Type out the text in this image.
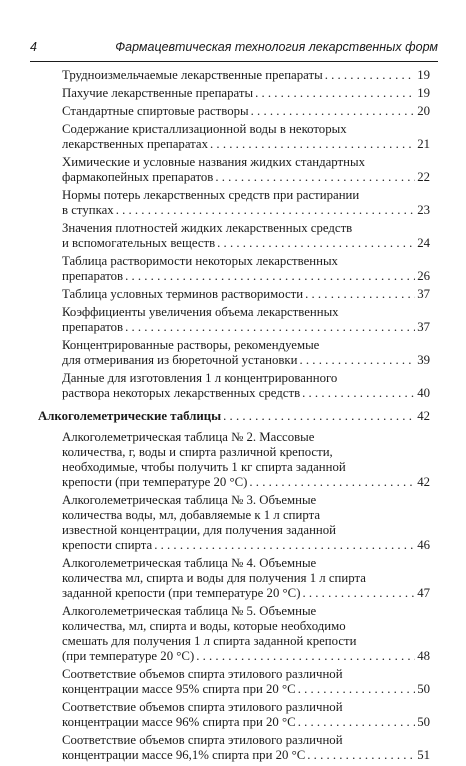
4	Фармацевтическая технология лекарственных форм
Трудноизмельчаемые лекарственные препараты . . .	19
Пахучие лекарственные препараты . . .	19
Стандартные спиртовые растворы . . .	20
Содержание кристаллизационной воды в некоторых
лекарственных препаратах . . .	21
Химические и условные названия жидких стандартных
фармакопейных препаратов . . .	22
Нормы потерь лекарственных средств при растирании
в ступках . . .	23
Значения плотностей жидких лекарственных средств
и вспомогательных веществ . . .	24
Таблица растворимости некоторых лекарственных
препаратов . . .	26
Таблица условных терминов растворимости . . .	37
Коэффициенты увеличения объема лекарственных
препаратов . . .	37
Концентрированные растворы, рекомендуемые
для отмеривания из бюреточной установки . . .	39
Данные для изготовления 1 л концентрированного
раствора некоторых лекарственных средств . . .	40
Алкоголеметрические таблицы . . .	42
Алкоголеметрическая таблица № 2. Массовые
количества, г, воды и спирта различной крепости,
необходимые, чтобы получить 1 кг спирта заданной
крепости (при температуре 20 °С) . . .	42
Алкоголеметрическая таблица № 3. Объемные
количества воды, мл, добавляемые к 1 л спирта
известной концентрации, для получения заданной
крепости спирта . . .	46
Алкоголеметрическая таблица № 4. Объемные
количества мл, спирта и воды для получения 1 л спирта
заданной крепости (при температуре 20 °С) . . .	47
Алкоголеметрическая таблица № 5. Объемные
количества, мл, спирта и воды, которые необходимо
смешать для получения 1 л спирта заданной крепости
(при температуре 20 °С) . . .	48
Соответствие объемов спирта этилового различной
концентрации массе 95% спирта при 20 °С . . .	50
Соответствие объемов спирта этилового различной
концентрации массе 96% спирта при 20 °С . . .	50
Соответствие объемов спирта этилового различной
концентрации массе 96,1% спирта при 20 °С . . .	51
